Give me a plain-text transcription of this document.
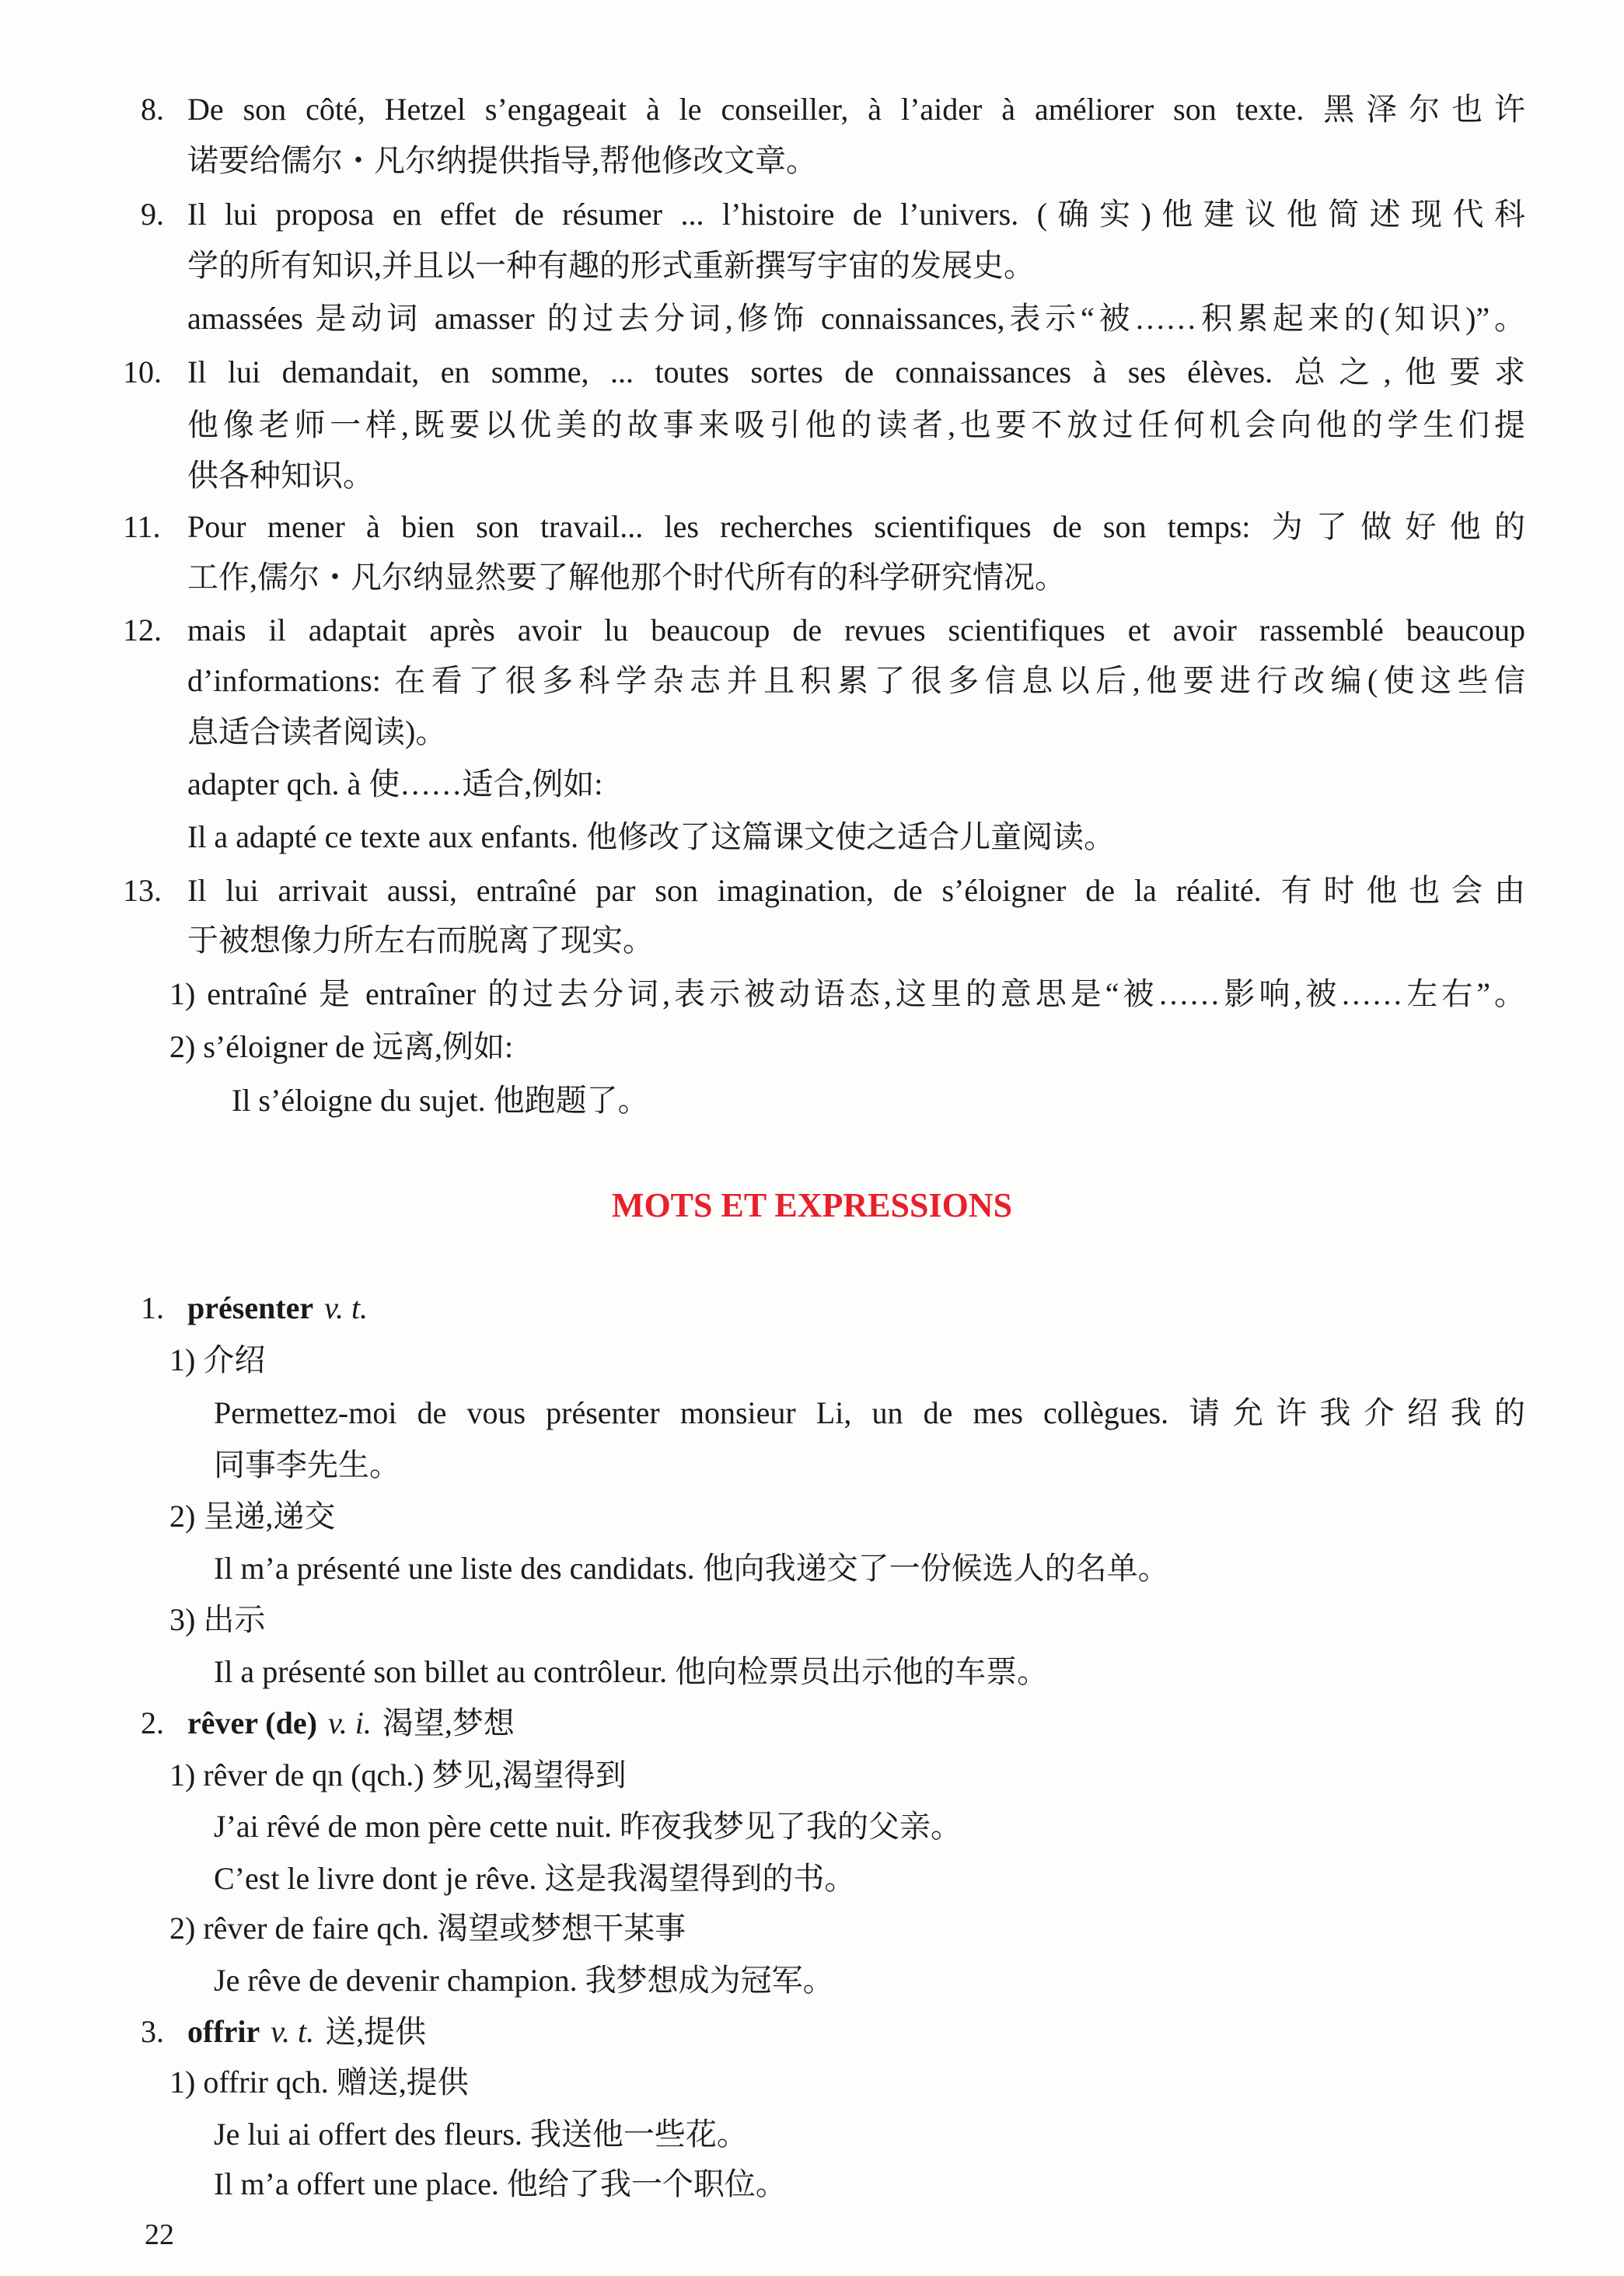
8. De son côté, Hetzel s’engageait à le conseiller, à l’aider à améliorer son texte. 黑泽尔也许
诺要给儒尔・凡尔纳提供指导,帮他修改文章。
9. Il lui proposa en effet de résumer ... l’histoire de l’univers. (确实)他建议他简述现代科
学的所有知识,并且以一种有趣的形式重新撰写宇宙的发展史。
amassées 是动词 amasser 的过去分词,修饰 connaissances,表示“被……积累起来的(知识)”。
10. Il lui demandait, en somme, ... toutes sortes de connaissances à ses élèves. 总之,他要求
他像老师一样,既要以优美的故事来吸引他的读者,也要不放过任何机会向他的学生们提
供各种知识。
11. Pour mener à bien son travail... les recherches scientifiques de son temps: 为了做好他的
工作,儒尔・凡尔纳显然要了解他那个时代所有的科学研究情况。
12. mais il adaptait après avoir lu beaucoup de revues scientifiques et avoir rassemblé beaucoup
d’informations: 在看了很多科学杂志并且积累了很多信息以后,他要进行改编(使这些信
息适合读者阅读)。
adapter qch. à 使……适合,例如:
Il a adapté ce texte aux enfants. 他修改了这篇课文使之适合儿童阅读。
13. Il lui arrivait aussi, entraîné par son imagination, de s’éloigner de la réalité. 有时他也会由
于被想像力所左右而脱离了现实。
1) entraîné 是 entraîner 的过去分词,表示被动语态,这里的意思是“被……影响,被……左右”。
2) s’éloigner de 远离,例如:
Il s’éloigne du sujet. 他跑题了。
MOTS ET EXPRESSIONS
1. présenter v. t.
1) 介绍
Permettez-moi de vous présenter monsieur Li, un de mes collègues. 请允许我介绍我的
同事李先生。
2) 呈递,递交
Il m’a présenté une liste des candidats. 他向我递交了一份候选人的名单。
3) 出示
Il a présenté son billet au contrôleur. 他向检票员出示他的车票。
2. rêver (de) v. i. 渴望,梦想
1) rêver de qn (qch.) 梦见,渴望得到
J’ai rêvé de mon père cette nuit. 昨夜我梦见了我的父亲。
C’est le livre dont je rêve. 这是我渴望得到的书。
2) rêver de faire qch. 渴望或梦想干某事
Je rêve de devenir champion. 我梦想成为冠军。
3. offrir v. t. 送,提供
1) offrir qch. 赠送,提供
Je lui ai offert des fleurs. 我送他一些花。
Il m’a offert une place. 他给了我一个职位。
22
